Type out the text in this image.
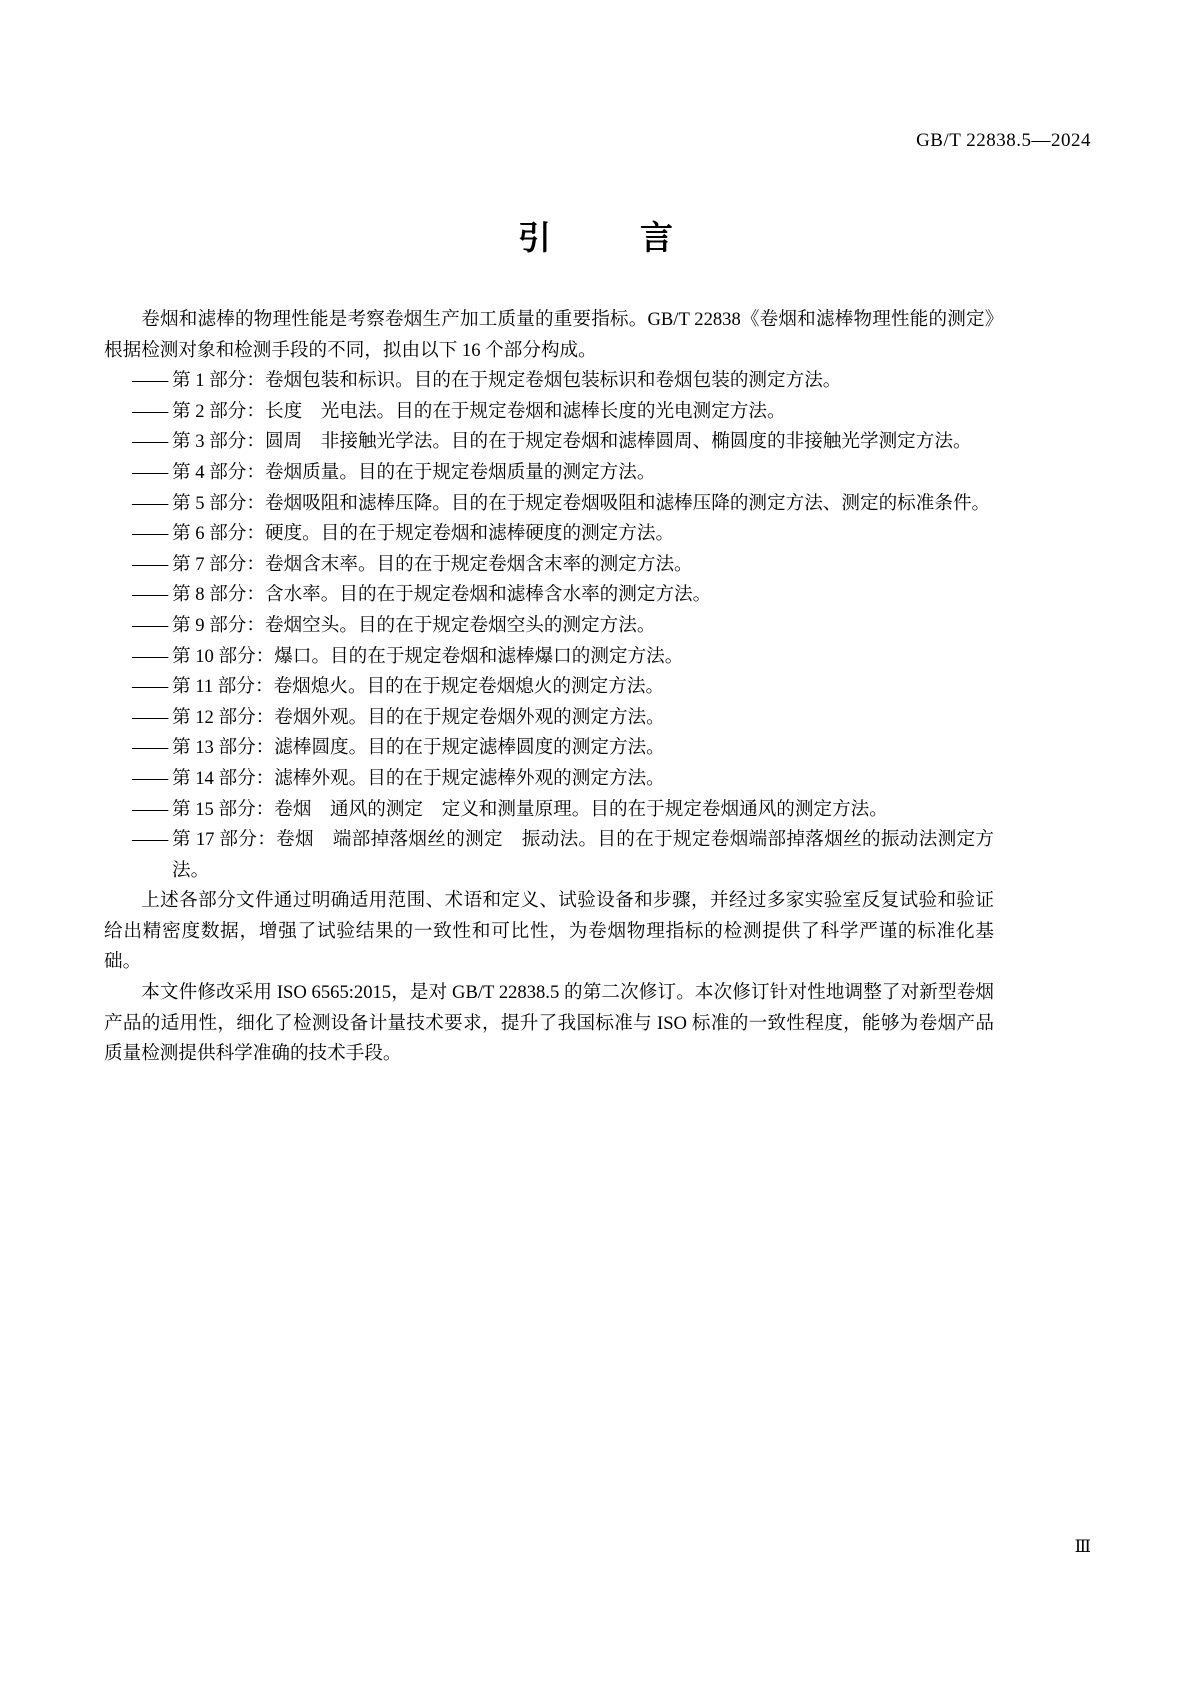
GB/T 22838.5—2024
引　言

卷烟和滤棒的物理性能是考察卷烟生产加工质量的重要指标。GB/T 22838《卷烟和滤棒物理性能的测定》根据检测对象和检测手段的不同，拟由以下 16 个部分构成。

—— 第 1 部分：卷烟包装和标识。目的在于规定卷烟包装标识和卷烟包装的测定方法。
—— 第 2 部分：长度　光电法。目的在于规定卷烟和滤棒长度的光电测定方法。
—— 第 3 部分：圆周　非接触光学法。目的在于规定卷烟和滤棒圆周、椭圆度的非接触光学测定方法。
—— 第 4 部分：卷烟质量。目的在于规定卷烟质量的测定方法。
—— 第 5 部分：卷烟吸阻和滤棒压降。目的在于规定卷烟吸阻和滤棒压降的测定方法、测定的标准条件。
—— 第 6 部分：硬度。目的在于规定卷烟和滤棒硬度的测定方法。
—— 第 7 部分：卷烟含末率。目的在于规定卷烟含末率的测定方法。
—— 第 8 部分：含水率。目的在于规定卷烟和滤棒含水率的测定方法。
—— 第 9 部分：卷烟空头。目的在于规定卷烟空头的测定方法。
—— 第 10 部分：爆口。目的在于规定卷烟和滤棒爆口的测定方法。
—— 第 11 部分：卷烟熄火。目的在于规定卷烟熄火的测定方法。
—— 第 12 部分：卷烟外观。目的在于规定卷烟外观的测定方法。
—— 第 13 部分：滤棒圆度。目的在于规定滤棒圆度的测定方法。
—— 第 14 部分：滤棒外观。目的在于规定滤棒外观的测定方法。
—— 第 15 部分：卷烟　通风的测定　定义和测量原理。目的在于规定卷烟通风的测定方法。
—— 第 17 部分：卷烟　端部掉落烟丝的测定　振动法。目的在于规定卷烟端部掉落烟丝的振动法测定方法。

上述各部分文件通过明确适用范围、术语和定义、试验设备和步骤，并经过多家实验室反复试验和验证给出精密度数据，增强了试验结果的一致性和可比性，为卷烟物理指标的检测提供了科学严谨的标准化基础。

本文件修改采用 ISO 6565:2015，是对 GB/T 22838.5 的第二次修订。本次修订针对性地调整了对新型卷烟产品的适用性，细化了检测设备计量技术要求，提升了我国标准与 ISO 标准的一致性程度，能够为卷烟产品质量检测提供科学准确的技术手段。

Ⅲ
